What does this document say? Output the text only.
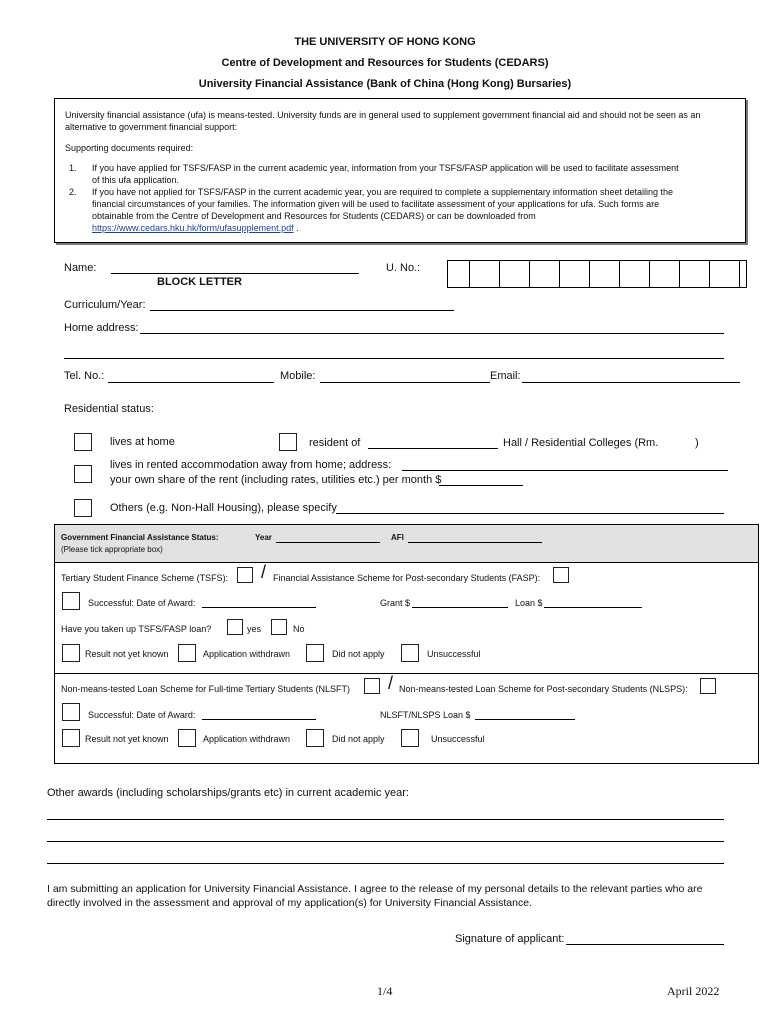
THE UNIVERSITY OF HONG KONG
Centre of Development and Resources for Students (CEDARS)
University Financial Assistance (Bank of China (Hong Kong) Bursaries)
University financial assistance (ufa) is means-tested. University funds are in general used to supplement government financial aid and should not be seen as an alternative to government financial support:
Supporting documents required:
1. If you have applied for TSFS/FASP in the current academic year, information from your TSFS/FASP application will be used to facilitate assessment
of this ufa application.
2. If you have not applied for TSFS/FASP in the current academic year, you are required to complete a supplementary information sheet detailing the
financial circumstances of your families. The information given will be used to facilitate assessment of your applications for ufa. Such forms are
obtainable from the Centre of Development and Resources for Students (CEDARS) or can be downloaded from
https://www.cedars.hku.hk/form/ufasupplement.pdf .
Name:
BLOCK LETTER
U. No.:
Curriculum/Year:
Home address:
Tel. No.:	Mobile:	Email:
Residential status:
lives at home	resident of	Hall / Residential Colleges (Rm.	)
lives in rented accommodation away from home; address:
your own share of the rent (including rates, utilities etc.) per month $
Others (e.g. Non-Hall Housing), please specify
Government Financial Assistance Status:	Year	AFI
(Please tick appropriate box)
Tertiary Student Finance Scheme (TSFS): / Financial Assistance Scheme for Post-secondary Students (FASP):
Successful: Date of Award:	Grant $	Loan $
Have you taken up TSFS/FASP loan?	yes	No
Result not yet known	Application withdrawn	Did not apply	Unsuccessful
Non-means-tested Loan Scheme for Full-time Tertiary Students (NLSFT) / Non-means-tested Loan Scheme for Post-secondary Students (NLSPS):
Successful: Date of Award:	NLSFT/NLSPS Loan $
Result not yet known	Application withdrawn	Did not apply	Unsuccessful
Other awards (including scholarships/grants etc) in current academic year:
I am submitting an application for University Financial Assistance. I agree to the release of my personal details to the relevant parties who are
directly involved in the assessment and approval of my application(s) for University Financial Assistance.
Signature of applicant:
1/4	April 2022
